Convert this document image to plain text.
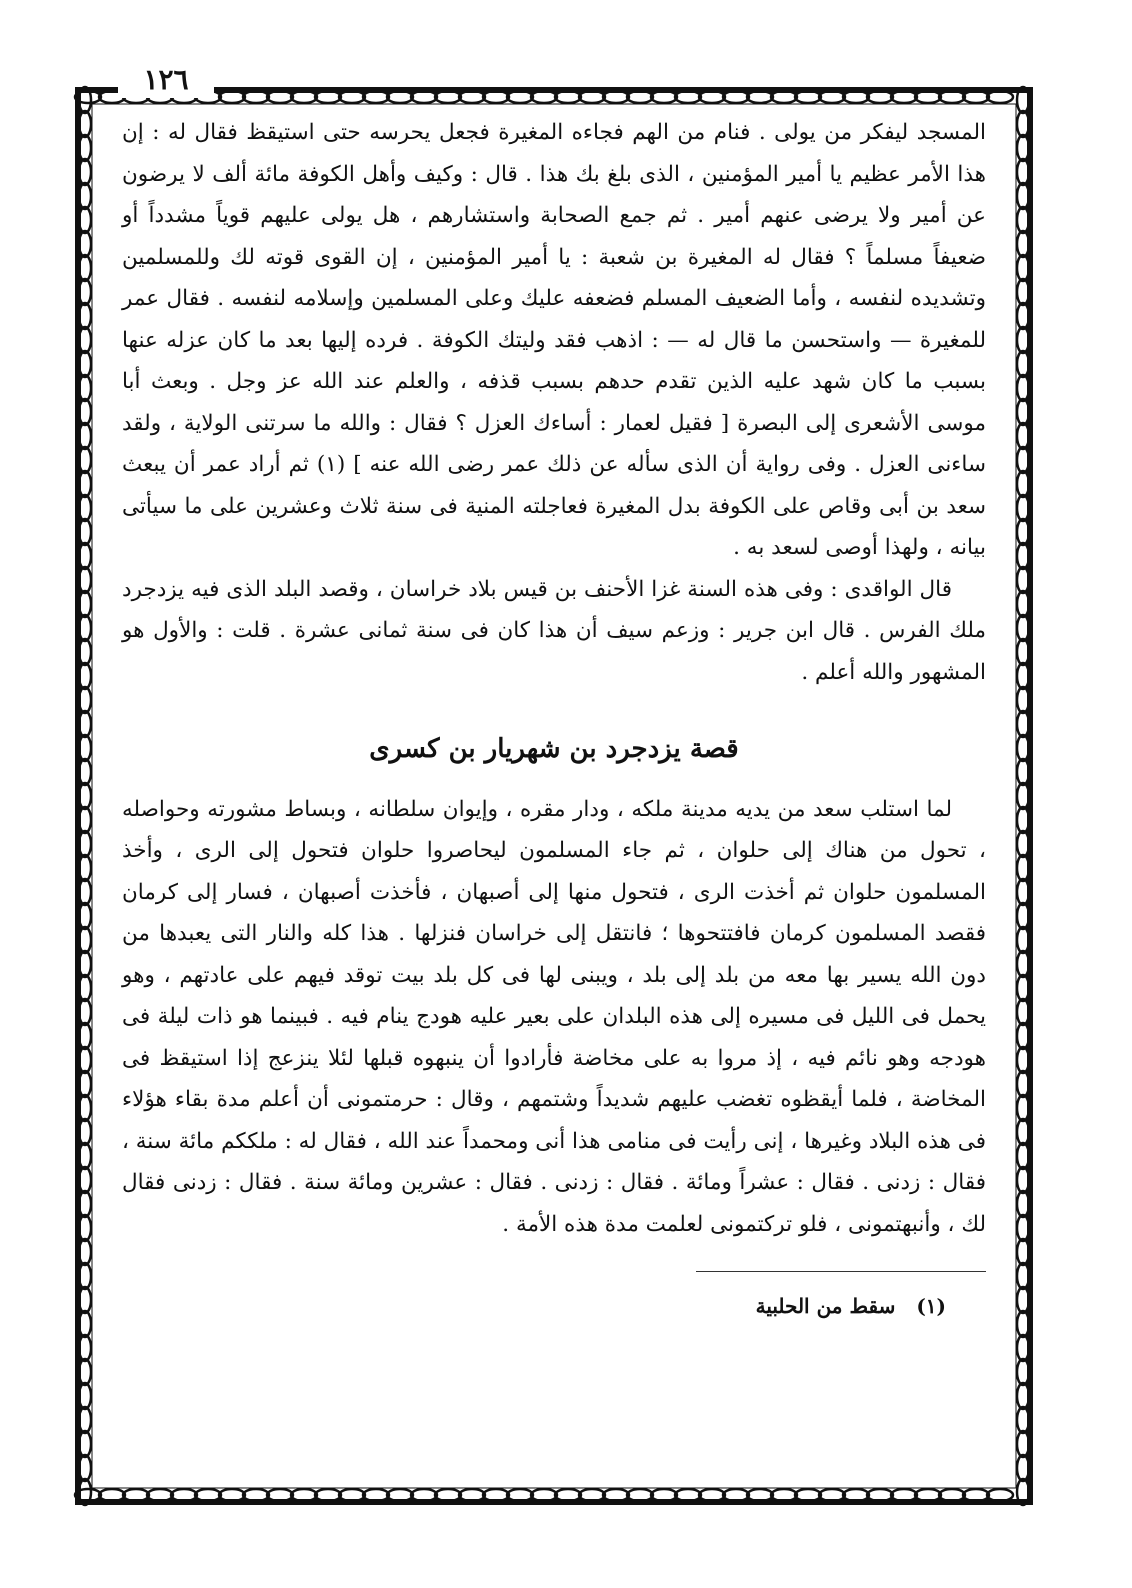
١٢٦

المسجد ليفكر من يولى . فنام من الهم فجاءه المغيرة فجعل يحرسه حتى استيقظ فقال له : إن هذا الأمر عظيم يا أمير المؤمنين ، الذى بلغ بك هذا . قال : وكيف وأهل الكوفة مائة ألف لا يرضون عن أمير ولا يرضى عنهم أمير . ثم جمع الصحابة واستشارهم ، هل يولى عليهم قوياً مشدداً أو ضعيفاً مسلماً ؟ فقال له المغيرة بن شعبة : يا أمير المؤمنين ، إن القوى قوته لك وللمسلمين وتشديده لنفسه ، وأما الضعيف المسلم فضعفه عليك وعلى المسلمين وإسلامه لنفسه . فقال عمر للمغيرة — واستحسن ما قال له — : اذهب فقد وليتك الكوفة . فرده إليها بعد ما كان عزله عنها بسبب ما كان شهد عليه الذين تقدم حدهم بسبب قذفه ، والعلم عند الله عز وجل . وبعث أبا موسى الأشعرى إلى البصرة [ فقيل لعمار : أساءك العزل ؟ فقال : والله ما سرتنى الولاية ، ولقد ساءنى العزل . وفى رواية أن الذى سأله عن ذلك عمر رضى الله عنه ] (١) ثم أراد عمر أن يبعث سعد بن أبى وقاص على الكوفة بدل المغيرة فعاجلته المنية فى سنة ثلاث وعشرين على ما سيأتى بيانه ، ولهذا أوصى لسعد به .

قال الواقدى : وفى هذه السنة غزا الأحنف بن قيس بلاد خراسان ، وقصد البلد الذى فيه يزدجرد ملك الفرس . قال ابن جرير : وزعم سيف أن هذا كان فى سنة ثمانى عشرة . قلت : والأول هو المشهور والله أعلم .

قصة يزدجرد بن شهريار بن كسرى

لما استلب سعد من يديه مدينة ملكه ، ودار مقره ، وإيوان سلطانه ، وبساط مشورته وحواصله ، تحول من هناك إلى حلوان ، ثم جاء المسلمون ليحاصروا حلوان فتحول إلى الرى ، وأخذ المسلمون حلوان ثم أخذت الرى ، فتحول منها إلى أصبهان ، فأخذت أصبهان ، فسار إلى كرمان فقصد المسلمون كرمان فافتتحوها ؛ فانتقل إلى خراسان فنزلها . هذا كله والنار التى يعبدها من دون الله يسير بها معه من بلد إلى بلد ، ويبنى لها فى كل بلد بيت توقد فيهم على عادتهم ، وهو يحمل فى الليل فى مسيره إلى هذه البلدان على بعير عليه هودج ينام فيه . فبينما هو ذات ليلة فى هودجه وهو نائم فيه ، إذ مروا به على مخاضة فأرادوا أن ينبهوه قبلها لئلا ينزعج إذا استيقظ فى المخاضة ، فلما أيقظوه تغضب عليهم شديداً وشتمهم ، وقال : حرمتمونى أن أعلم مدة بقاء هؤلاء فى هذه البلاد وغيرها ، إنى رأيت فى منامى هذا أنى ومحمداً عند الله ، فقال له : ملككم مائة سنة ، فقال : زدنى . فقال : عشراً ومائة . فقال : زدنى . فقال : عشرين ومائة سنة . فقال : زدنى فقال لك ، وأنبهتمونى ، فلو تركتمونى لعلمت مدة هذه الأمة .

(١) سقط من الحلبية
